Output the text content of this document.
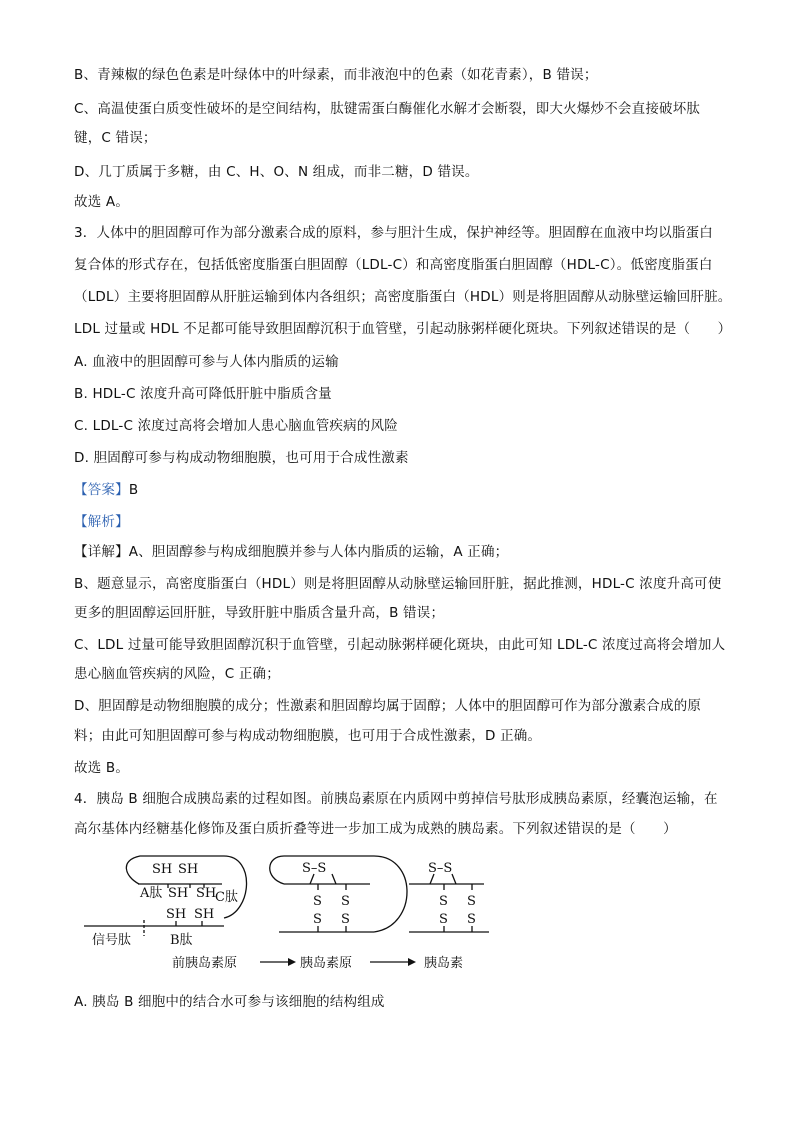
B、青辣椒的绿色色素是叶绿体中的叶绿素，而非液泡中的色素（如花青素），B 错误；
C、高温使蛋白质变性破坏的是空间结构，肽键需蛋白酶催化水解才会断裂，即大火爆炒不会直接破坏肽
键，C 错误；
D、几丁质属于多糖，由 C、H、O、N 组成，而非二糖，D 错误。
故选 A。
3．人体中的胆固醇可作为部分激素合成的原料，参与胆汁生成，保护神经等。胆固醇在血液中均以脂蛋白
复合体的形式存在，包括低密度脂蛋白胆固醇（LDL-C）和高密度脂蛋白胆固醇（HDL-C）。低密度脂蛋白
（LDL）主要将胆固醇从肝脏运输到体内各组织；高密度脂蛋白（HDL）则是将胆固醇从动脉壁运输回肝脏。
LDL 过量或 HDL 不足都可能导致胆固醇沉积于血管壁，引起动脉粥样硬化斑块。下列叙述错误的是（　　）
A. 血液中的胆固醇可参与人体内脂质的运输
B. HDL-C 浓度升高可降低肝脏中脂质含量
C. LDL-C 浓度过高将会增加人患心脑血管疾病的风险
D. 胆固醇可参与构成动物细胞膜，也可用于合成性激素
【答案】B
【解析】
【详解】A、胆固醇参与构成细胞膜并参与人体内脂质的运输，A 正确；
B、题意显示，高密度脂蛋白（HDL）则是将胆固醇从动脉壁运输回肝脏，据此推测，HDL-C 浓度升高可使
更多的胆固醇运回肝脏，导致肝脏中脂质含量升高，B 错误；
C、LDL 过量可能导致胆固醇沉积于血管壁，引起动脉粥样硬化斑块，由此可知 LDL-C 浓度过高将会增加人
患心脑血管疾病的风险，C 正确；
D、胆固醇是动物细胞膜的成分；性激素和胆固醇均属于固醇；人体中的胆固醇可作为部分激素合成的原
料；由此可知胆固醇可参与构成动物细胞膜，也可用于合成性激素，D 正确。
故选 B。
4．胰岛 B 细胞合成胰岛素的过程如图。前胰岛素原在内质网中剪掉信号肽形成胰岛素原，经囊泡运输，在
高尔基体内经糖基化修饰及蛋白质折叠等进一步加工成为成熟的胰岛素。下列叙述错误的是（　　）
SH SH
A肽 SH SH
C肽
SH SH
信号肽	B肽
S–S
S S
S S
S–S
S S
S S
前胰岛素原	胰岛素原	胰岛素
A. 胰岛 B 细胞中的结合水可参与该细胞的结构组成
